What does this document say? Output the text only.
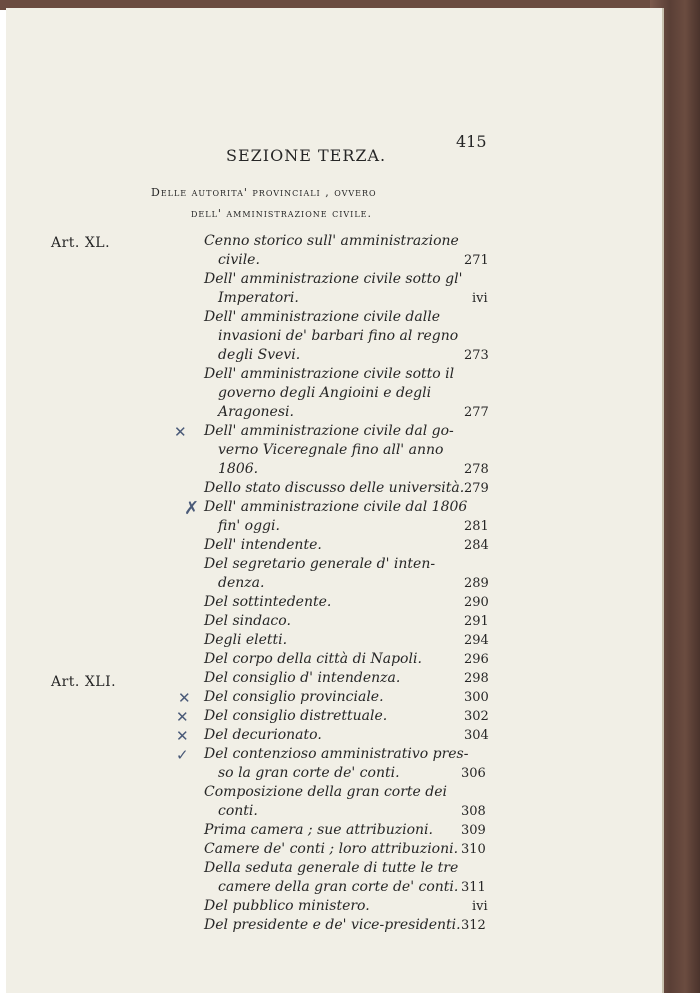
415
SEZIONE TERZA.
Delle autorita' provinciali , ovvero
dell' amministrazione civile.
Art. XL.
Art. XLI.
Cenno storico sull' amministrazione
civile.
Dell' amministrazione civile sotto gl'
Imperatori.
Dell' amministrazione civile dalle
invasioni de' barbari fino al regno
degli Svevi.
Dell' amministrazione civile sotto il
governo degli Angioini e degli
Aragonesi.
Dell' amministrazione civile dal go-
verno Viceregnale fino all' anno
1806.
Dello stato discusso delle università.
Dell' amministrazione civile dal 1806
fin' oggi.
Dell' intendente.
Del segretario generale d' inten-
denza.
Del sottintedente.
Del sindaco.
Degli eletti.
Del corpo della città di Napoli.
Del consiglio d' intendenza.
Del consiglio provinciale.
Del consiglio distrettuale.
Del decurionato.
Del contenzioso amministrativo pres-
so la gran corte de' conti.
Composizione della gran corte dei
conti.
Prima camera ; sue attribuzioni.
Camere de' conti ; loro attribuzioni.
Della seduta generale di tutte le tre
camere della gran corte de' conti.
Del pubblico ministero.
Del presidente e de' vice-presidenti.
271
ivi
273
277
278
279
281
284
289
290
291
294
296
298
300
302
304
306
308
309
310
311
ivi
312
✕
✗
✕
✕
✕
✓
